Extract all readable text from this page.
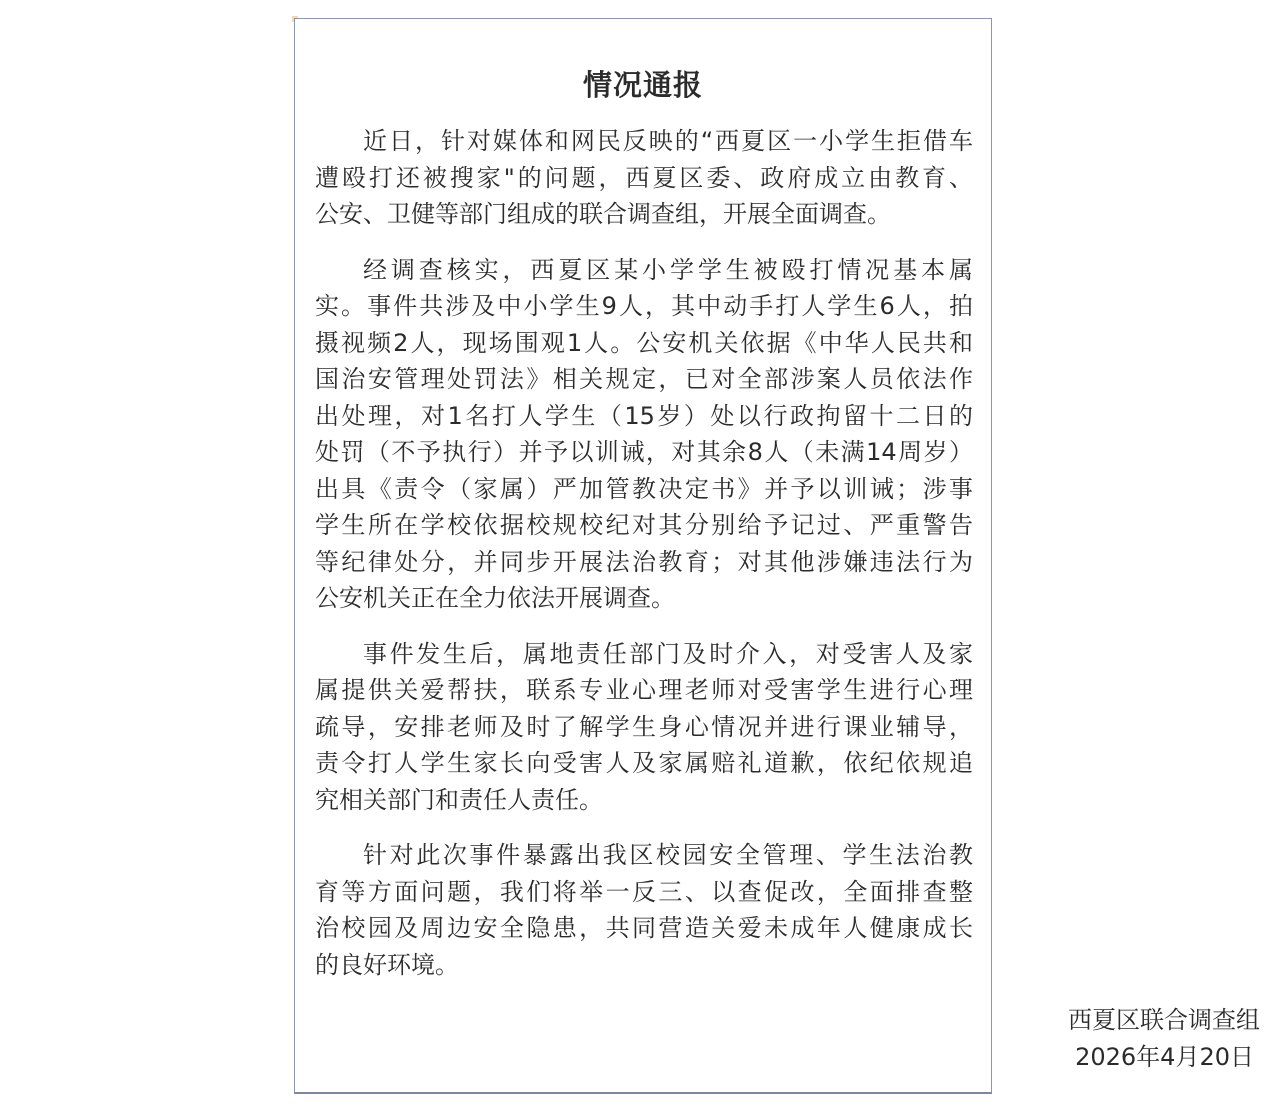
情况通报
近日，针对媒体和网民反映的“西夏区一小学生拒借车
遭殴打还被搜家"的问题，西夏区委、政府成立由教育、
公安、卫健等部门组成的联合调查组，开展全面调查。
经调查核实，西夏区某小学学生被殴打情况基本属
实。事件共涉及中小学生9人，其中动手打人学生6人，拍
摄视频2人，现场围观1人。公安机关依据《中华人民共和
国治安管理处罚法》相关规定，已对全部涉案人员依法作
出处理，对1名打人学生（15岁）处以行政拘留十二日的
处罚（不予执行）并予以训诫，对其余8人（未满14周岁）
出具《责令（家属）严加管教决定书》并予以训诫；涉事
学生所在学校依据校规校纪对其分别给予记过、严重警告
等纪律处分，并同步开展法治教育；对其他涉嫌违法行为
公安机关正在全力依法开展调查。
事件发生后，属地责任部门及时介入，对受害人及家
属提供关爱帮扶，联系专业心理老师对受害学生进行心理
疏导，安排老师及时了解学生身心情况并进行课业辅导，
责令打人学生家长向受害人及家属赔礼道歉，依纪依规追
究相关部门和责任人责任。
针对此次事件暴露出我区校园安全管理、学生法治教
育等方面问题，我们将举一反三、以查促改，全面排查整
治校园及周边安全隐患，共同营造关爱未成年人健康成长
的良好环境。
西夏区联合调查组
2026年4月20日
